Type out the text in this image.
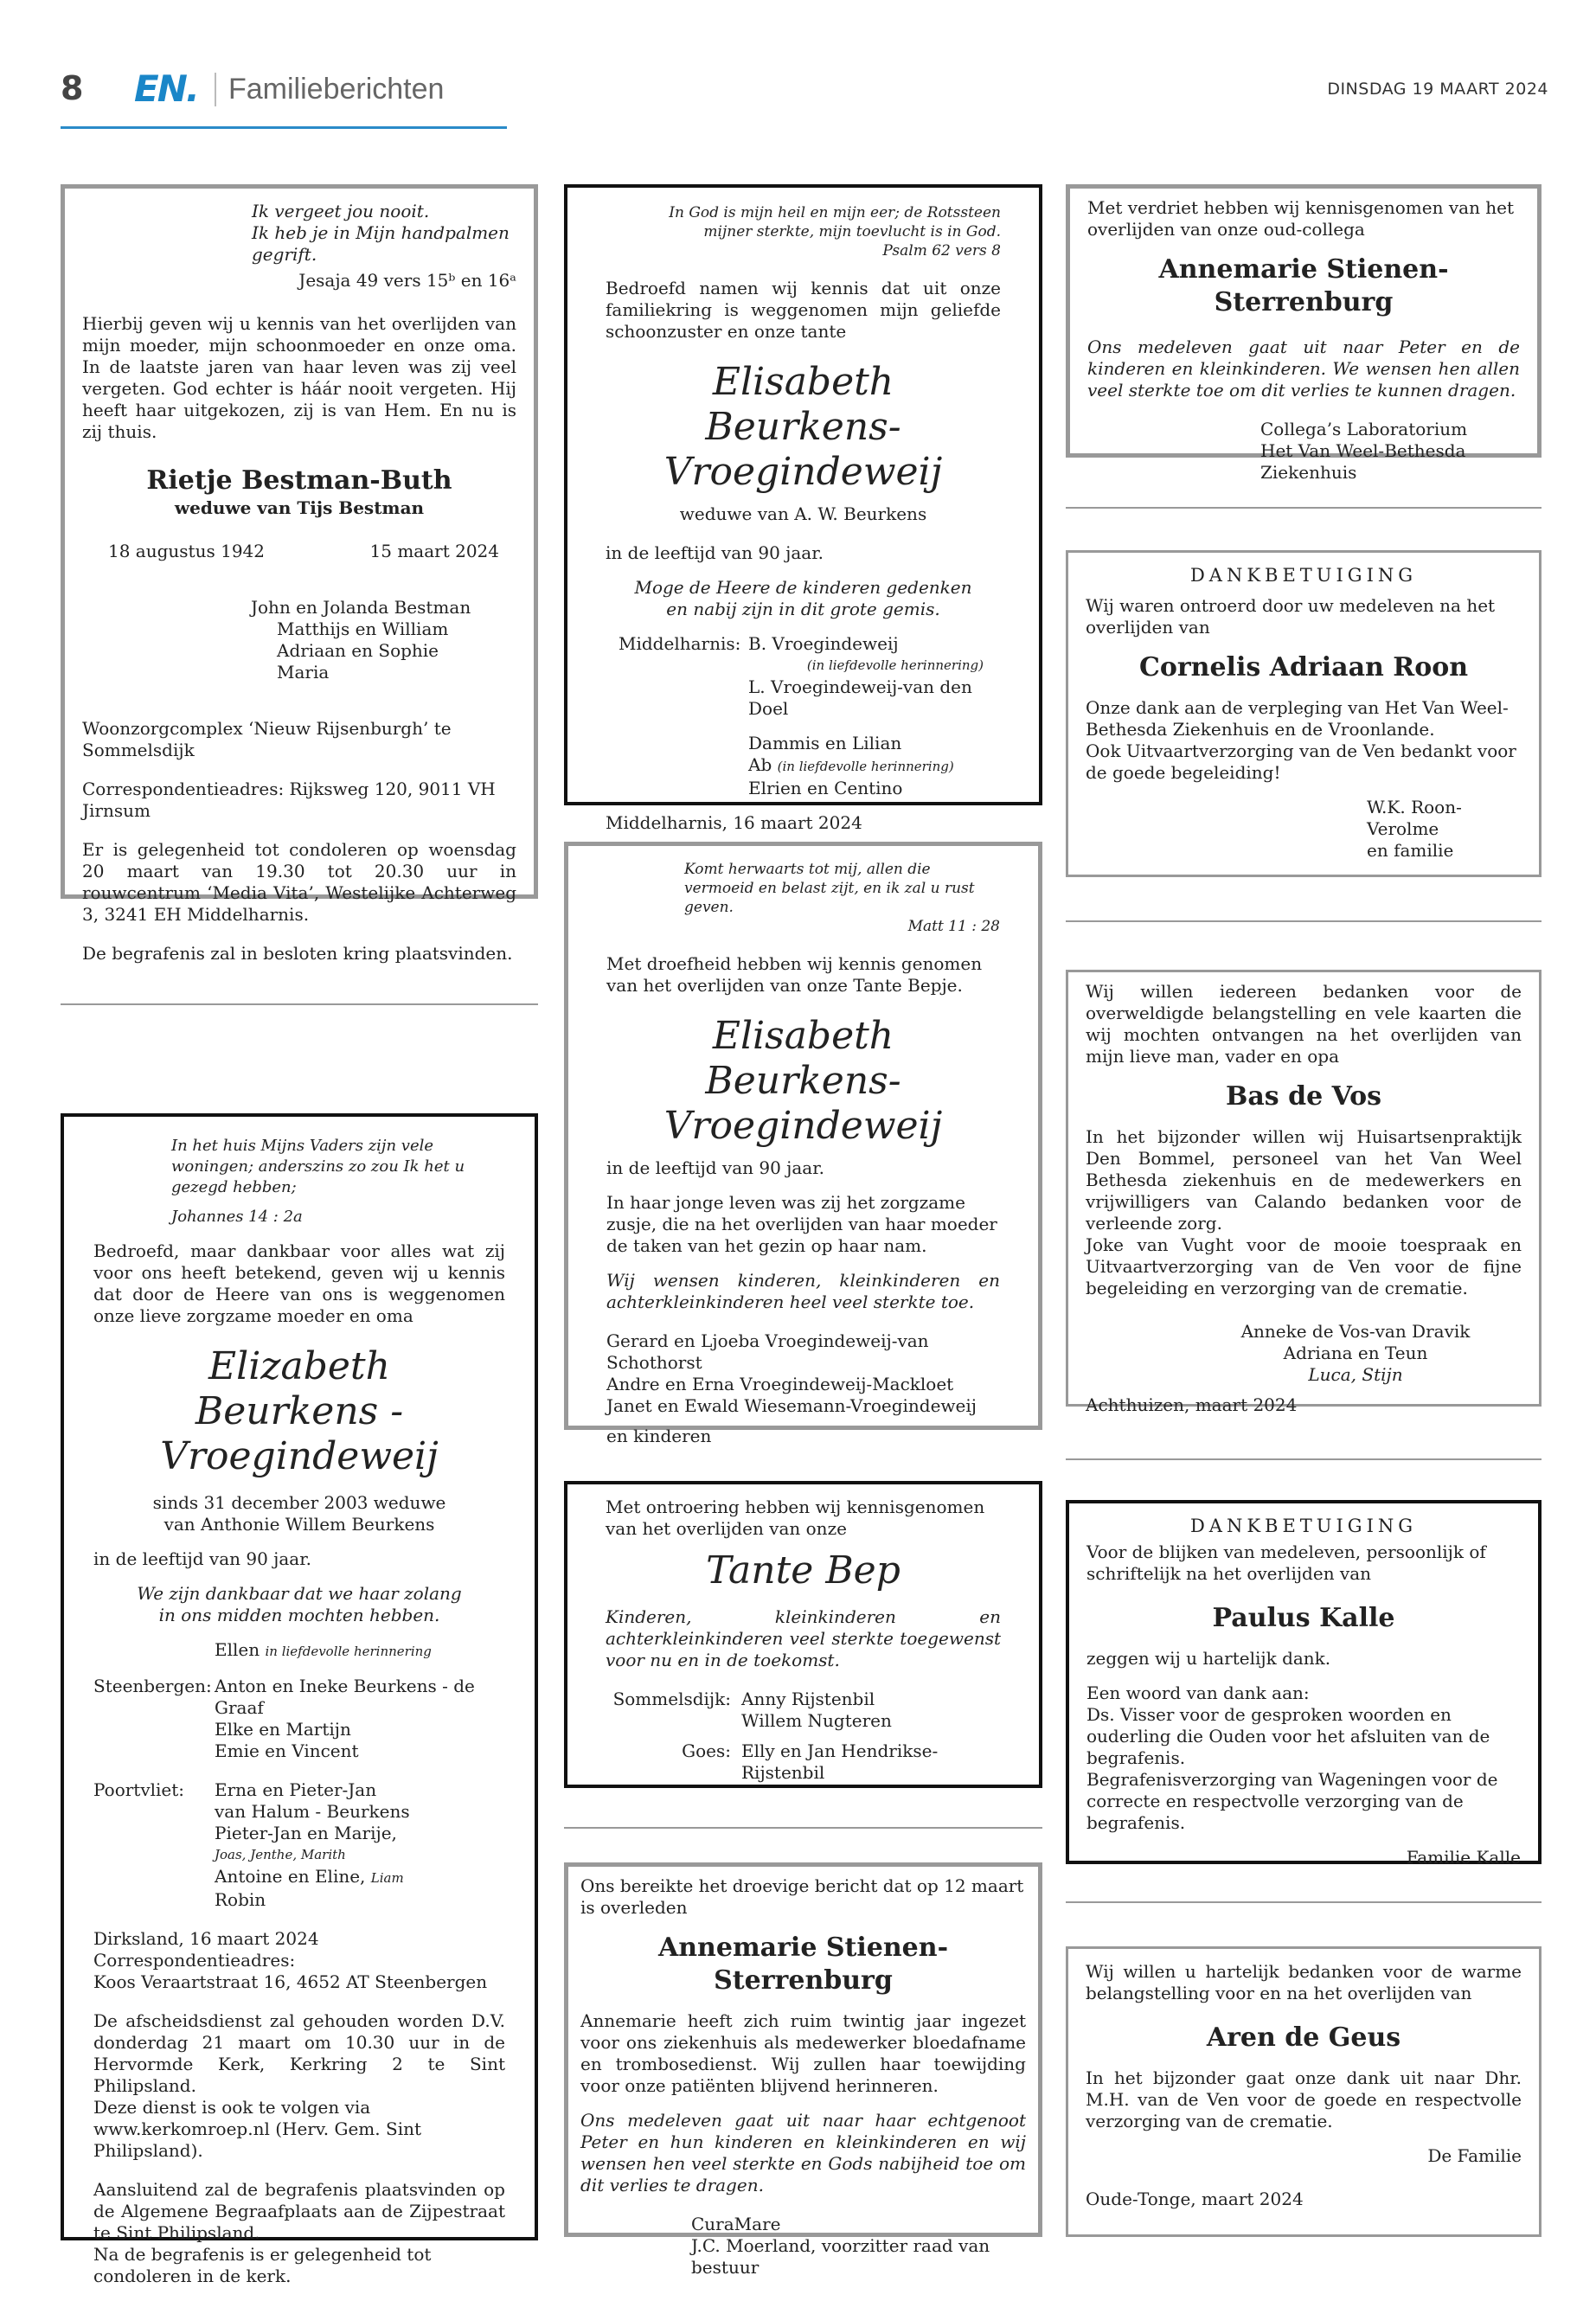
8 EN.	Familieberichten	DINSDAG 19 MAART 2024

Ik vergeet jou nooit.

Ik heb je in Mijn handpalmen gegrift.

Jesaja 49 vers 15ᵇ en 16ᵃ

Hierbij geven wij u kennis van het overlijden van mijn moeder, mijn schoonmoeder en onze oma. In de laatste jaren van haar leven was zij veel vergeten. God echter is háár nooit vergeten. Hij heeft haar uitgekozen, zij is van Hem. En nu is zij thuis.

Rietje Bestman-Buth

weduwe van Tijs Bestman

18 augustus 1942	15 maart 2024

John en Jolanda Bestman

Matthijs en William

Adriaan en Sophie

Maria

Woonzorgcomplex ‘Nieuw Rijsenburgh’ te Sommelsdijk

Correspondentieadres: Rijksweg 120, 9011 VH Jirnsum

Er is gelegenheid tot condoleren op woensdag 20 maart van 19.30 tot 20.30 uur in rouwcentrum ‘Media Vita’, Westelijke Achterweg 3, 3241 EH Middelharnis.

De begrafenis zal in besloten kring plaatsvinden.

In God is mijn heil en mijn eer; de Rotssteen mijner sterkte, mijn toevlucht is in God.

Psalm 62 vers 8

Bedroefd namen wij kennis dat uit onze familiekring is weggenomen mijn geliefde schoonzuster en onze tante

Elisabeth

Beurkens-Vroegindeweij

weduwe van A. W. Beurkens

in de leeftijd van 90 jaar.

Moge de Heere de kinderen gedenken en nabij zijn in dit grote gemis.

Middelharnis: B. Vroegindeweij

(in liefdevolle herinnering)

L. Vroegindeweij-van den Doel

Dammis en Lilian

Ab (in liefdevolle herinnering)

Elrien en Centino

Middelharnis, 16 maart 2024

Met verdriet hebben wij kennisgenomen van het overlijden van onze oud-collega

Annemarie Stienen-Sterrenburg

Ons medeleven gaat uit naar Peter en de kinderen en kleinkinderen. We wensen hen allen veel sterkte toe om dit verlies te kunnen dragen.

Collega’s Laboratorium

Het Van Weel-Bethesda Ziekenhuis

DANKBETUIGING

Wij waren ontroerd door uw medeleven na het overlijden van

Cornelis Adriaan Roon

Onze dank aan de verpleging van Het Van Weel-Bethesda Ziekenhuis en de Vroonlande.

Ook Uitvaartverzorging van de Ven bedankt voor de goede begeleiding!

W.K. Roon-Verolme

en familie

Komt herwaarts tot mij, allen die vermoeid en belast zijt, en ik zal u rust geven.

Matt 11 : 28

Met droefheid hebben wij kennis genomen van het overlijden van onze Tante Bepje.

Elisabeth

Beurkens-Vroegindeweij

in de leeftijd van 90 jaar.

In haar jonge leven was zij het zorgzame zusje, die na het overlijden van haar moeder de taken van het gezin op haar nam.

Wij wensen kinderen, kleinkinderen en achterkleinkinderen heel veel sterkte toe.

Gerard en Ljoeba Vroegindeweij-van Schothorst

Andre en Erna Vroegindeweij-Mackloet

Janet en Ewald Wiesemann-Vroegindeweij

en kinderen

Wij willen iedereen bedanken voor de overweldigde belangstelling en vele kaarten die wij mochten ontvangen na het overlijden van mijn lieve man, vader en opa

Bas de Vos

In het bijzonder willen wij Huisartsenpraktijk Den Bommel, personeel van het Van Weel Bethesda ziekenhuis en de medewerkers en vrijwilligers van Calando bedanken voor de verleende zorg.

Joke van Vught voor de mooie toespraak en Uitvaartverzorging van de Ven voor de fijne begeleiding en verzorging van de crematie.

Anneke de Vos-van Dravik

Adriana en Teun

Luca, Stijn

Achthuizen, maart 2024

In het huis Mijns Vaders zijn vele woningen; anderszins zo zou Ik het u gezegd hebben;

Johannes 14 : 2a

Bedroefd, maar dankbaar voor alles wat zij voor ons heeft betekend, geven wij u kennis dat door de Heere van ons is weggenomen onze lieve zorgzame moeder en oma

Elizabeth

Beurkens - Vroegindeweij

sinds 31 december 2003 weduwe

van Anthonie Willem Beurkens

in de leeftijd van 90 jaar.

We zijn dankbaar dat we haar zolang in ons midden mochten hebben.

Ellen in liefdevolle herinnering

Steenbergen: Anton en Ineke Beurkens - de Graaf

Elke en Martijn

Emie en Vincent

Poortvliet:	Erna en Pieter-Jan

van Halum - Beurkens

Pieter-Jan en Marije,

Joas, Jenthe, Marith

Antoine en Eline, Liam

Robin

Dirksland, 16 maart 2024

Correspondentieadres:

Koos Veraartstraat 16, 4652 AT Steenbergen

De afscheidsdienst zal gehouden worden D.V. donderdag 21 maart om 10.30 uur in de Hervormde Kerk, Kerkring 2 te Sint Philipsland.

Deze dienst is ook te volgen via www.kerkomroep.nl (Herv. Gem. Sint Philipsland).

Aansluitend zal de begrafenis plaatsvinden op de Algemene Begraafplaats aan de Zijpestraat te Sint Philipsland.

Na de begrafenis is er gelegenheid tot condoleren in de kerk.

Met ontroering hebben wij kennisgenomen van het overlijden van onze

Tante Bep

Kinderen, kleinkinderen en achterkleinkinderen veel sterkte toegewenst voor nu en in de toekomst.

Sommelsdijk: Anny Rijstenbil

Willem Nugteren

Goes: Elly en Jan Hendrikse-Rijstenbil

DANKBETUIGING

Voor de blijken van medeleven, persoonlijk of schriftelijk na het overlijden van

Paulus Kalle

zeggen wij u hartelijk dank.

Een woord van dank aan:

Ds. Visser voor de gesproken woorden en ouderling die Ouden voor het afsluiten van de begrafenis.

Begrafenisverzorging van Wageningen voor de correcte en respectvolle verzorging van de begrafenis.

Familie Kalle

Ons bereikte het droevige bericht dat op 12 maart is overleden

Annemarie Stienen-Sterrenburg

Annemarie heeft zich ruim twintig jaar ingezet voor ons ziekenhuis als medewerker bloedafname en trombosedienst. Wij zullen haar toewijding voor onze patiënten blijvend herinneren.

Ons medeleven gaat uit naar haar echtgenoot Peter en hun kinderen en kleinkinderen en wij wensen hen veel sterkte en Gods nabijheid toe om dit verlies te dragen.

CuraMare

J.C. Moerland, voorzitter raad van bestuur

Wij willen u hartelijk bedanken voor de warme belangstelling voor en na het overlijden van

Aren de Geus

In het bijzonder gaat onze dank uit naar Dhr. M.H. van de Ven voor de goede en respectvolle verzorging van de crematie.

De Familie

Oude-Tonge, maart 2024
